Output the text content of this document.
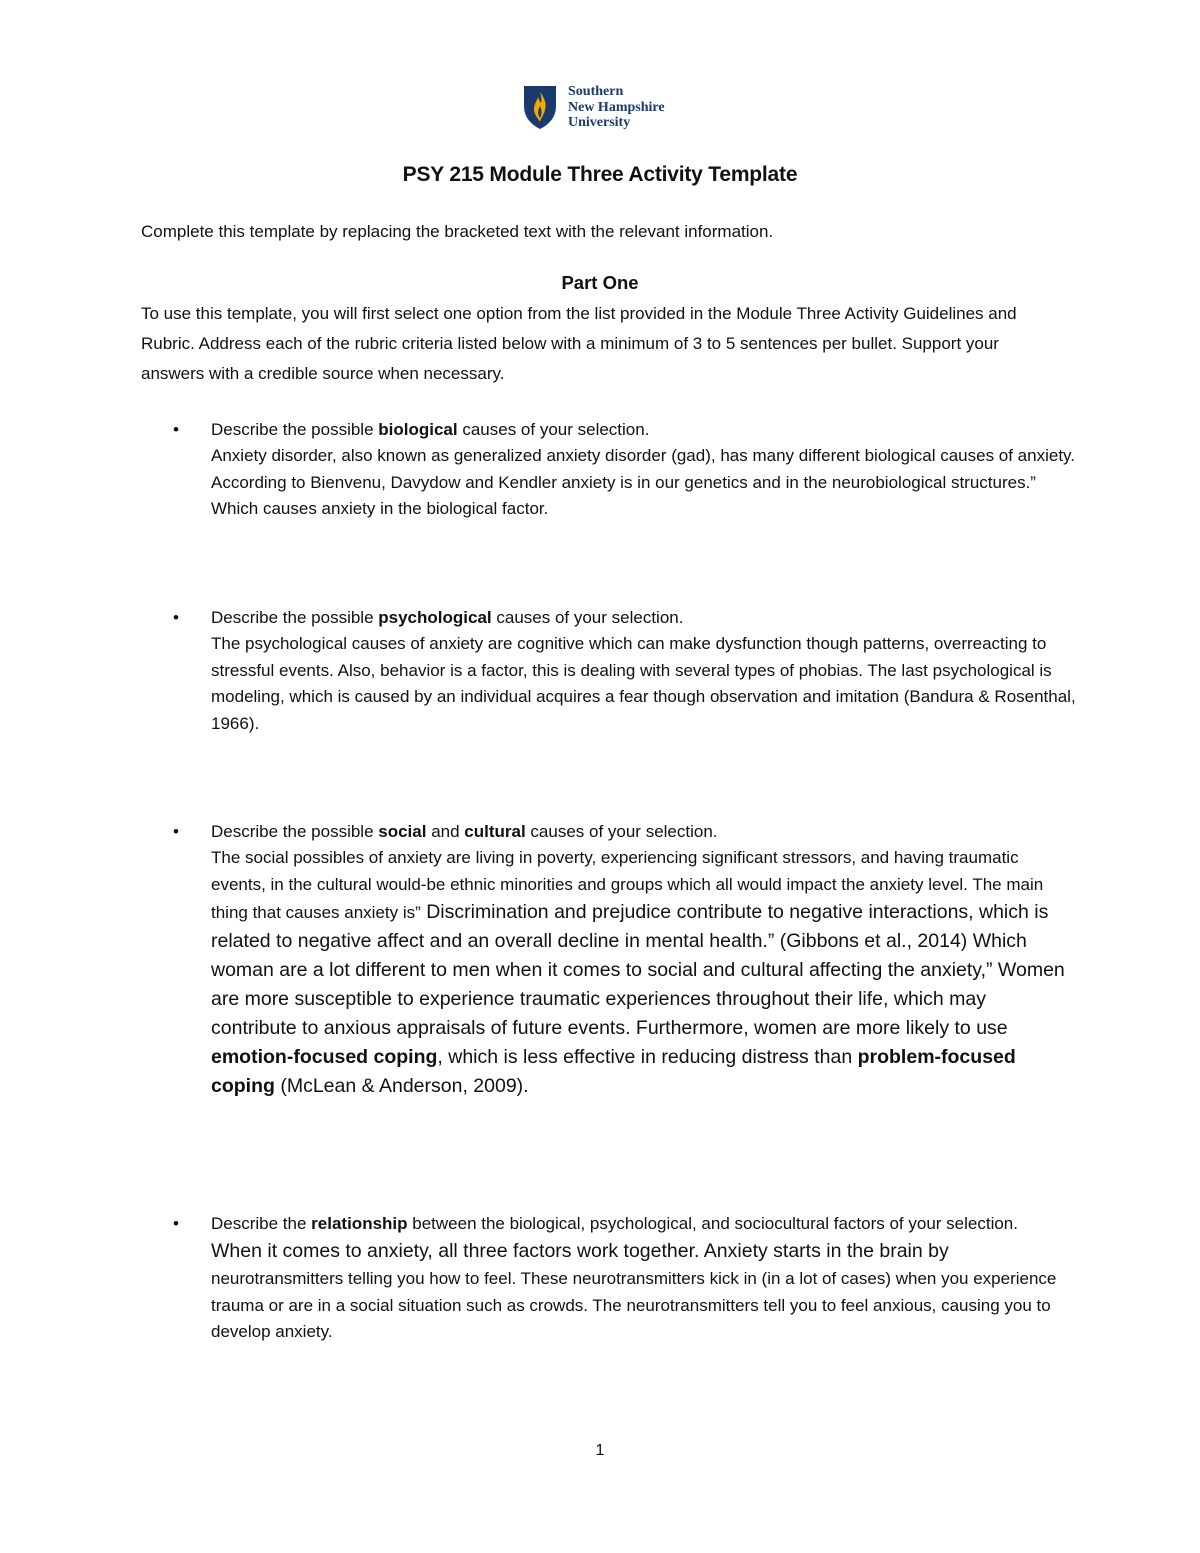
Southern
New Hampshire
University
PSY 215 Module Three Activity Template
Complete this template by replacing the bracketed text with the relevant information.
Part One
To use this template, you will first select one option from the list provided in the Module Three Activity Guidelines and Rubric. Address each of the rubric criteria listed below with a minimum of 3 to 5 sentences per bullet. Support your answers with a credible source when necessary.
• Describe the possible biological causes of your selection.
Anxiety disorder, also known as generalized anxiety disorder (gad), has many different biological causes of anxiety. According to Bienvenu, Davydow and Kendler anxiety is in our genetics and in the neurobiological structures.” Which causes anxiety in the biological factor.
• Describe the possible psychological causes of your selection.
The psychological causes of anxiety are cognitive which can make dysfunction though patterns, overreacting to stressful events. Also, behavior is a factor, this is dealing with several types of phobias. The last psychological is modeling, which is caused by an individual acquires a fear though observation and imitation (Bandura & Rosenthal, 1966).
• Describe the possible social and cultural causes of your selection.
The social possibles of anxiety are living in poverty, experiencing significant stressors, and having traumatic events, in the cultural would-be ethnic minorities and groups which all would impact the anxiety level. The main thing that causes anxiety is” Discrimination and prejudice contribute to negative interactions, which is related to negative affect and an overall decline in mental health.” (Gibbons et al., 2014) Which woman are a lot different to men when it comes to social and cultural affecting the anxiety,” Women are more susceptible to experience traumatic experiences throughout their life, which may contribute to anxious appraisals of future events. Furthermore, women are more likely to use emotion-focused coping, which is less effective in reducing distress than problem-focused coping (McLean & Anderson, 2009).
• Describe the relationship between the biological, psychological, and sociocultural factors of your selection.
When it comes to anxiety, all three factors work together. Anxiety starts in the brain by
neurotransmitters telling you how to feel. These neurotransmitters kick in (in a lot of cases) when you experience trauma or are in a social situation such as crowds. The neurotransmitters tell you to feel anxious, causing you to develop anxiety.
1
